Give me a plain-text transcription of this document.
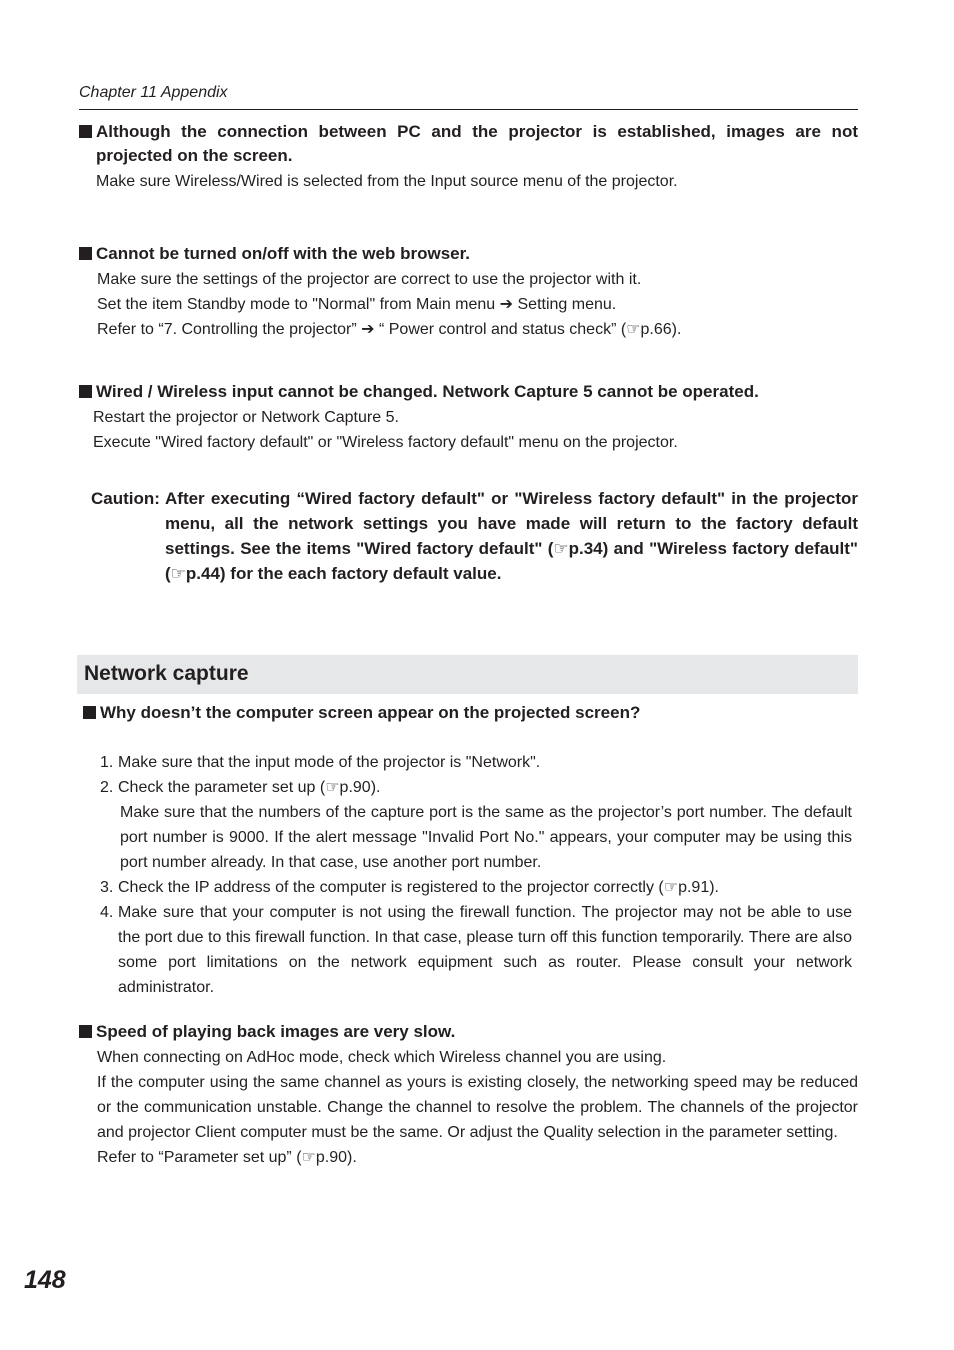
Chapter 11 Appendix
Although the connection between PC and the projector is established, images are not projected on the screen.
Make sure Wireless/Wired is selected from the Input source menu of the projector.
Cannot be turned on/off with the web browser.
Make sure the settings of the projector are correct to use the projector with it.
Set the item Standby mode to "Normal" from Main menu ➔ Setting menu.
Refer to “7. Controlling the projector” ➔ “ Power control and status check” (☞p.66).
Wired / Wireless input cannot be changed. Network Capture 5 cannot be operated.
Restart the projector or Network Capture 5.
Execute "Wired factory default" or "Wireless factory default" menu on the projector.
Caution: After executing “Wired factory default" or "Wireless factory default" in the projector menu, all the network settings you have made will return to the factory default settings. See the items "Wired factory default" (☞p.34) and "Wireless factory default" (☞p.44) for the each factory default value.
Network capture
Why doesn’t the computer screen appear on the projected screen?
1. Make sure that the input mode of the projector is "Network".
2. Check the parameter set up (☞p.90).
Make sure that the numbers of the capture port is the same as the projector’s port number. The default port number is 9000. If the alert message "Invalid Port No." appears, your computer may be using this port number already. In that case, use another port number.
3. Check the IP address of the computer is registered to the projector correctly (☞p.91).
4. Make sure that your computer is not using the firewall function. The projector may not be able to use the port due to this firewall function. In that case, please turn off this function temporarily. There are also some port limitations on the network equipment such as router. Please consult your network administrator.
Speed of playing back images are very slow.
When connecting on AdHoc mode, check which Wireless channel you are using.
If the computer using the same channel as yours is existing closely, the networking speed may be reduced or the communication unstable. Change the channel to resolve the problem. The channels of the projector and projector Client computer must be the same. Or adjust the Quality selection in the parameter setting.
Refer to “Parameter set up” (☞p.90).
148
